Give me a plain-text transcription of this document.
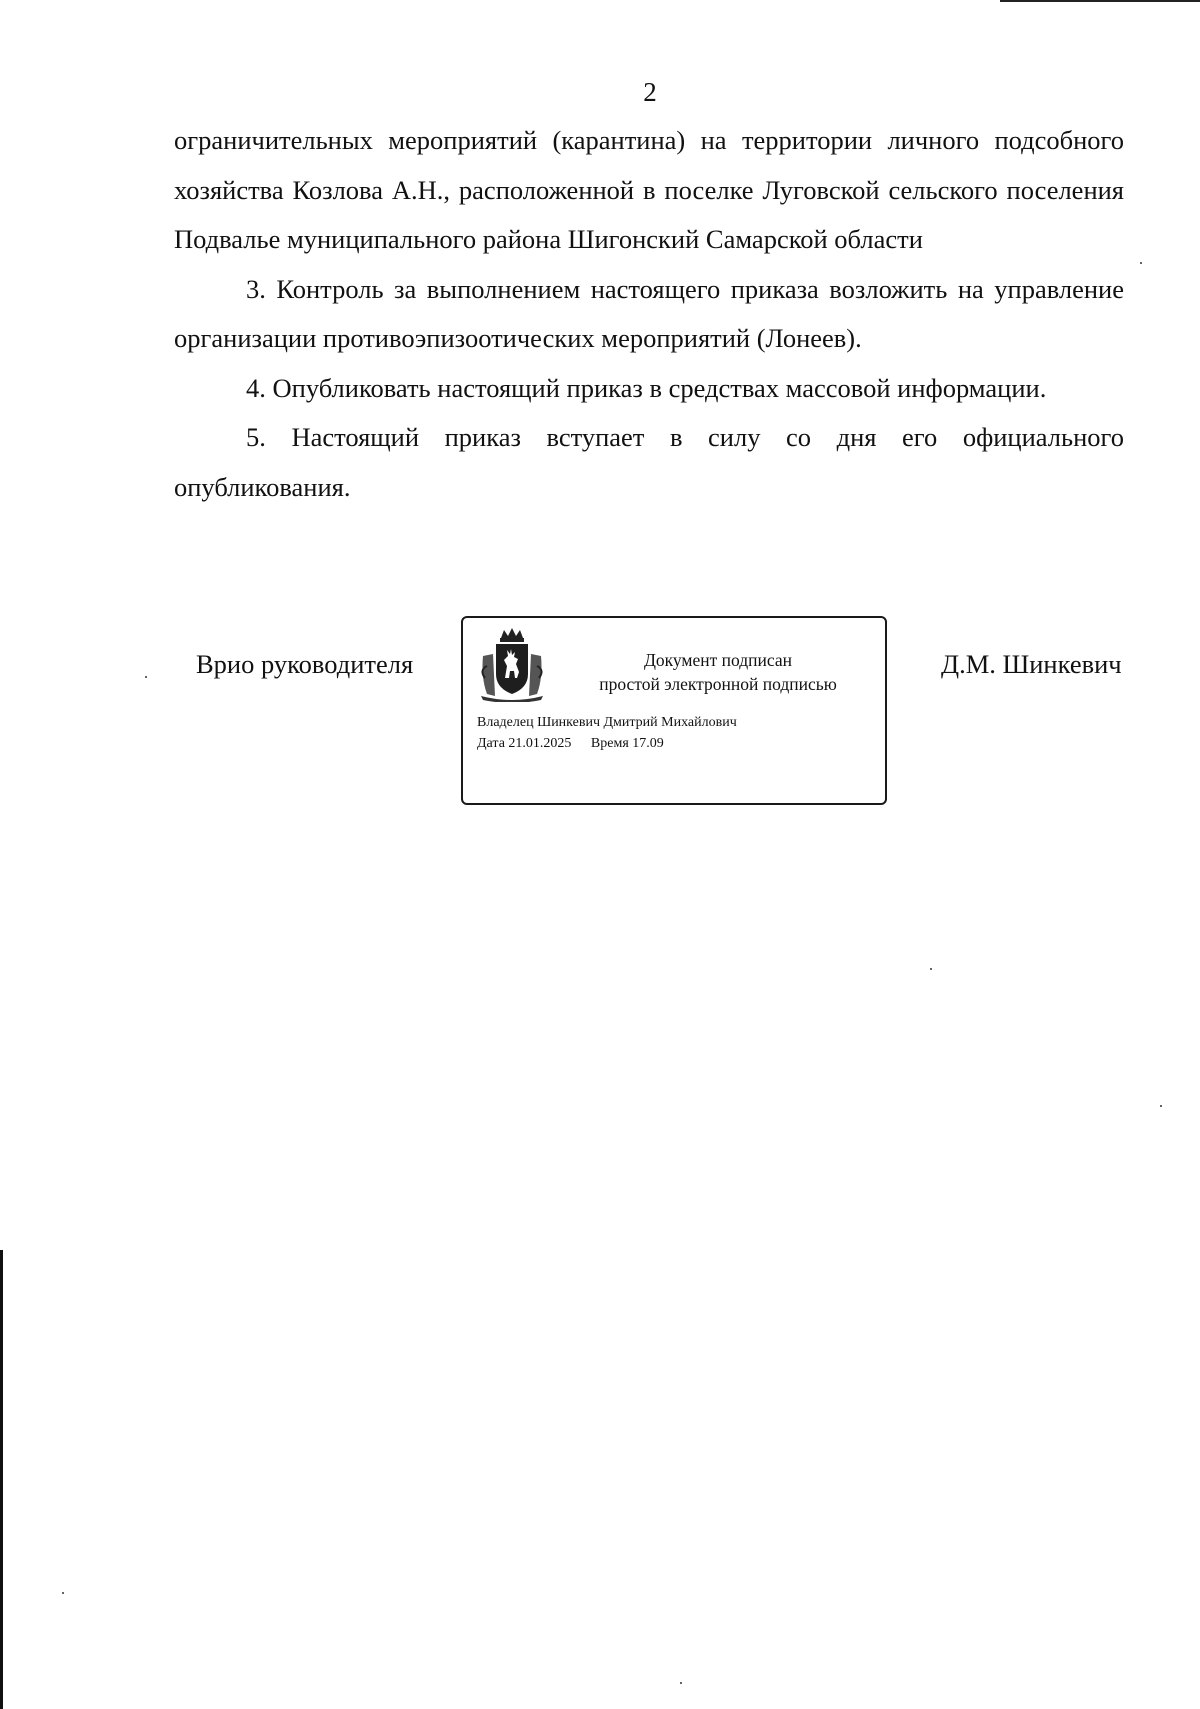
2

ограничительных мероприятий (карантина) на территории личного подсобного хозяйства Козлова А.Н., расположенной в поселке Луговской сельского поселения Подвалье муниципального района Шигонский Самарской области

3. Контроль за выполнением настоящего приказа возложить на управление организации противоэпизоотических мероприятий (Лонеев).

4. Опубликовать настоящий приказ в средствах массовой информации.

5. Настоящий приказ вступает в силу со дня его официального опубликования.

Врио руководителя	Документ подписан
простой электронной подписью
Владелец Шинкевич Дмитрий Михайлович
Дата 21.01.2025 Время 17.09
Д.М. Шинкевич
